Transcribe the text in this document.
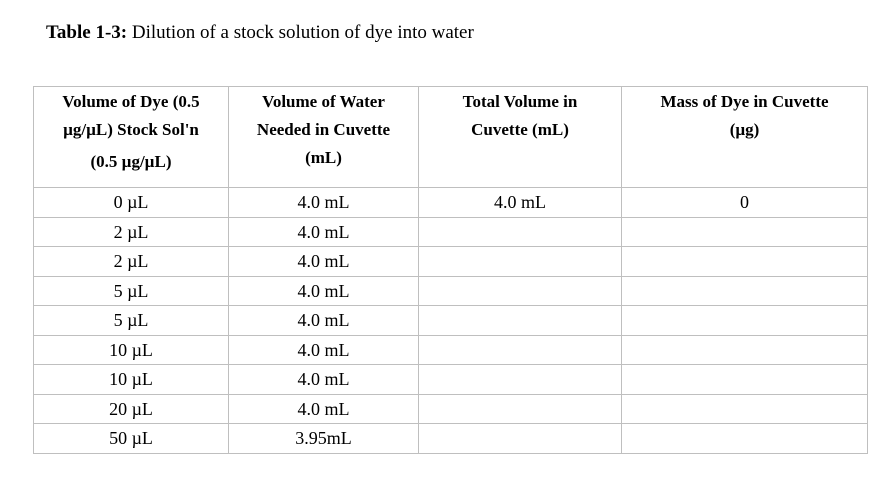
Table 1-3: Dilution of a stock solution of dye into water
Volume of Dye (0.5
µg/µL) Stock Sol'n
(0.5 µg/µL)	Volume of Water
Needed in Cuvette
(mL)	Total Volume in
Cuvette (mL)	Mass of Dye in Cuvette
(µg)

0 µL	4.0 mL	4.0 mL	0
2 µL	4.0 mL		
2 µL	4.0 mL		
5 µL	4.0 mL		
5 µL	4.0 mL		
10 µL	4.0 mL		
10 µL	4.0 mL		
20 µL	4.0 mL		
50 µL	3.95mL		
